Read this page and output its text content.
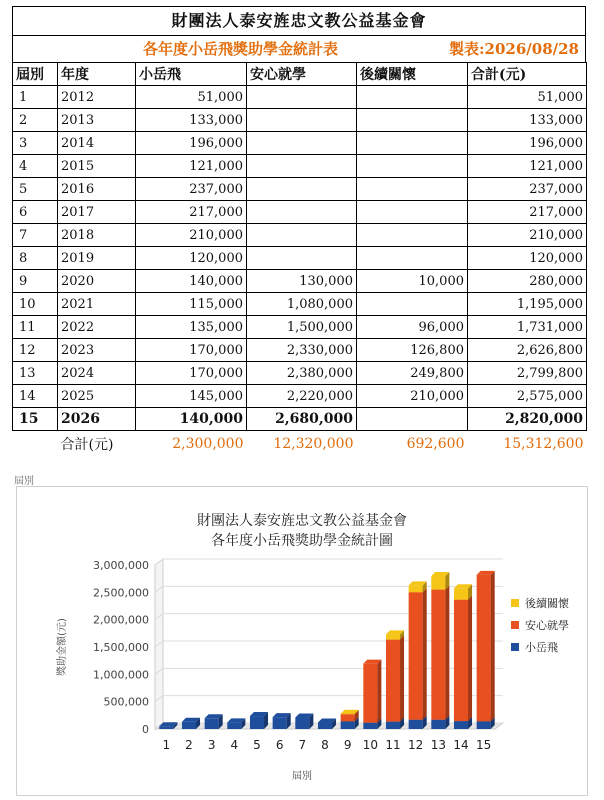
財團法人泰安旌忠文教公益基金會
各年度小岳飛獎助學金統計表	製表:2026/08/28
屆別	年度	小岳飛	安心就學	後續關懷	合計(元)
1	2012	51,000			51,000
2	2013	133,000			133,000
3	2014	196,000			196,000
4	2015	121,000			121,000
5	2016	237,000			237,000
6	2017	217,000			217,000
7	2018	210,000			210,000
8	2019	120,000			120,000
9	2020	140,000	130,000	10,000	280,000
10	2021	115,000	1,080,000		1,195,000
11	2022	135,000	1,500,000	96,000	1,731,000
12	2023	170,000	2,330,000	126,800	2,626,800
13	2024	170,000	2,380,000	249,800	2,799,800
14	2025	145,000	2,220,000	210,000	2,575,000
15	2026	140,000	2,680,000		2,820,000
	合計(元)	2,300,000	12,320,000	692,600	15,312,600
屆別
財團法人泰安旌忠文教公益基金會
各年度小岳飛獎助學金統計圖
0
500,000
1,000,000
1,500,000
2,000,000
2,500,000
3,000,000
1 2 3 4 5 6 7 8 9 10 11 12 13 14 15
屆別
獎助金額(元)
後續關懷
安心就學
小岳飛
